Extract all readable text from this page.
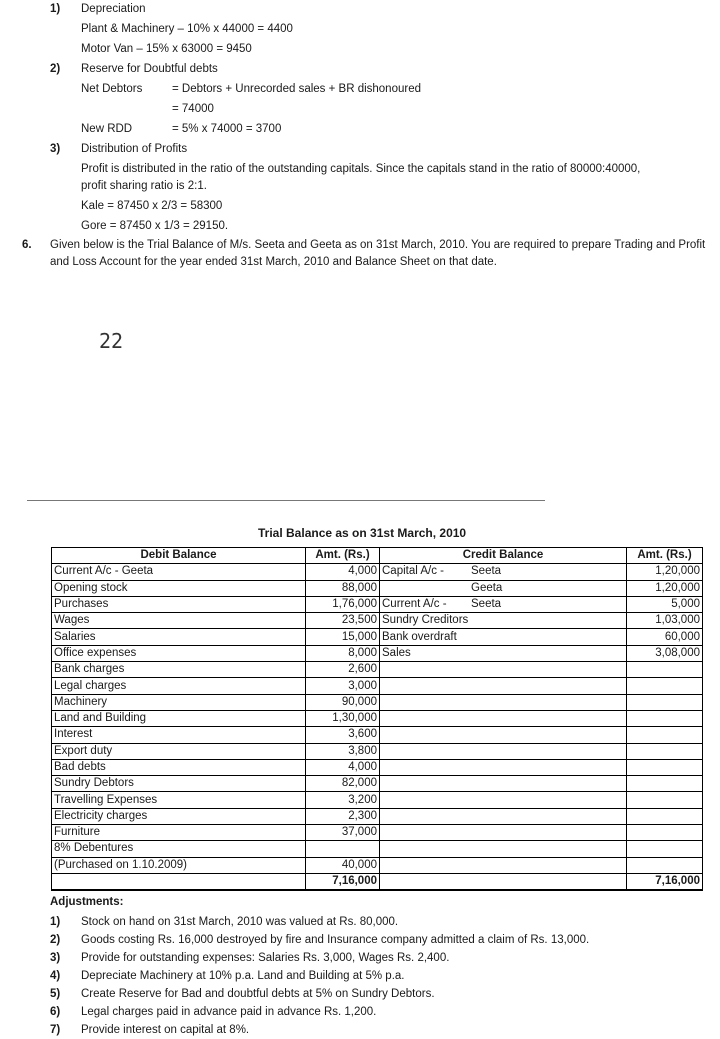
1) Depreciation
Plant & Machinery – 10% x 44000 = 4400
Motor Van – 15% x 63000 = 9450
2) Reserve for Doubtful debts
Net Debtors	= Debtors + Unrecorded sales + BR dishonoured
= 74000
New RDD	= 5% x 74000 = 3700
3) Distribution of Profits
Profit is distributed in the ratio of the outstanding capitals. Since the capitals stand in the ratio of 80000:40000,
profit sharing ratio is 2:1.
Kale = 87450 x 2/3 = 58300
Gore = 87450 x 1/3 = 29150.
6. Given below is the Trial Balance of M/s. Seeta and Geeta as on 31st March, 2010. You are required to prepare Trading and Profit and Loss Account for the year ended 31st March, 2010 and Balance Sheet on that date.
22
Trial Balance as on 31st March, 2010
Debit Balance	Amt. (Rs.)	Credit Balance	Amt. (Rs.)
Current A/c - Geeta	4,000	Capital A/c - Seeta	1,20,000
Opening stock	88,000	Geeta	1,20,000
Purchases	1,76,000	Current A/c - Seeta	5,000
Wages	23,500	Sundry Creditors	1,03,000
Salaries	15,000	Bank overdraft	60,000
Office expenses	8,000	Sales	3,08,000
Bank charges	2,600	

Legal charges	3,000	

Machinery	90,000	

Land and Building	1,30,000	

Interest	3,600	

Export duty	3,800	

Bad debts	4,000	

Sundry Debtors	82,000	

Travelling Expenses	3,200	

Electricity charges	2,300	

Furniture	37,000	

8% Debentures		

(Purchased on 1.10.2009)	40,000	

	7,16,000		7,16,000
Adjustments:
1) Stock on hand on 31st March, 2010 was valued at Rs. 80,000.
2) Goods costing Rs. 16,000 destroyed by fire and Insurance company admitted a claim of Rs. 13,000.
3) Provide for outstanding expenses: Salaries Rs. 3,000, Wages Rs. 2,400.
4) Depreciate Machinery at 10% p.a. Land and Building at 5% p.a.
5) Create Reserve for Bad and doubtful debts at 5% on Sundry Debtors.
6) Legal charges paid in advance paid in advance Rs. 1,200.
7) Provide interest on capital at 8%.
